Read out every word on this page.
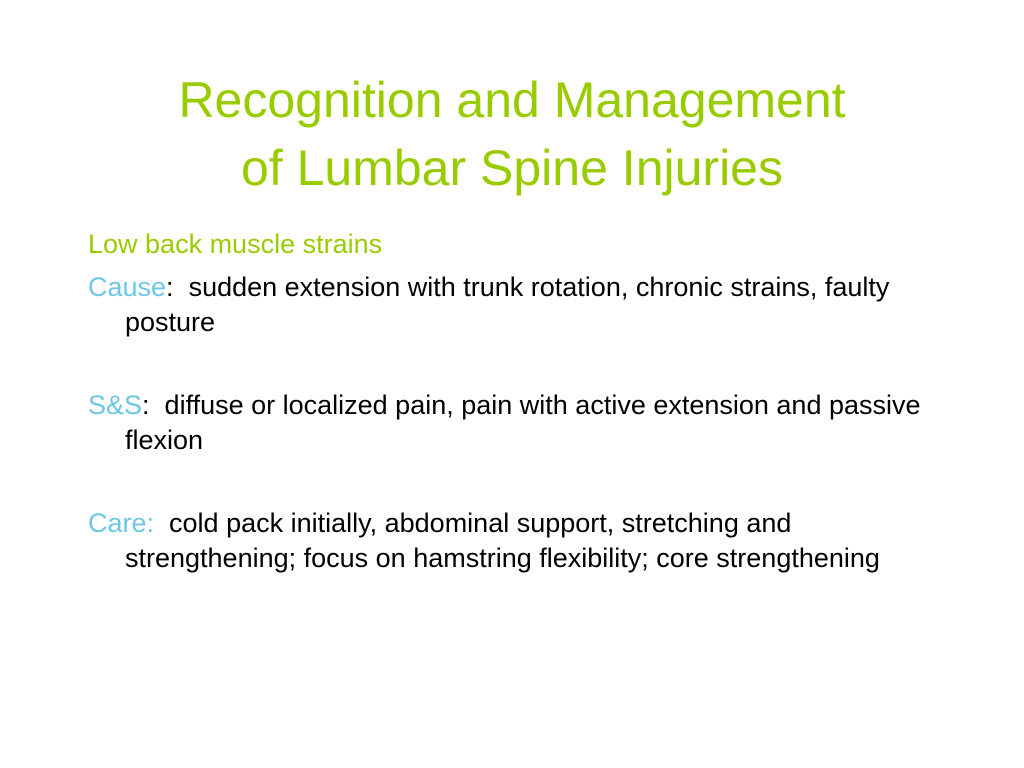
Recognition and Management
of Lumbar Spine Injuries
Low back muscle strains
Cause:  sudden extension with trunk rotation, chronic strains, faulty posture
S&S:  diffuse or localized pain, pain with active extension and passive flexion
Care:  cold pack initially, abdominal support, stretching and strengthening; focus on hamstring flexibility; core strengthening
